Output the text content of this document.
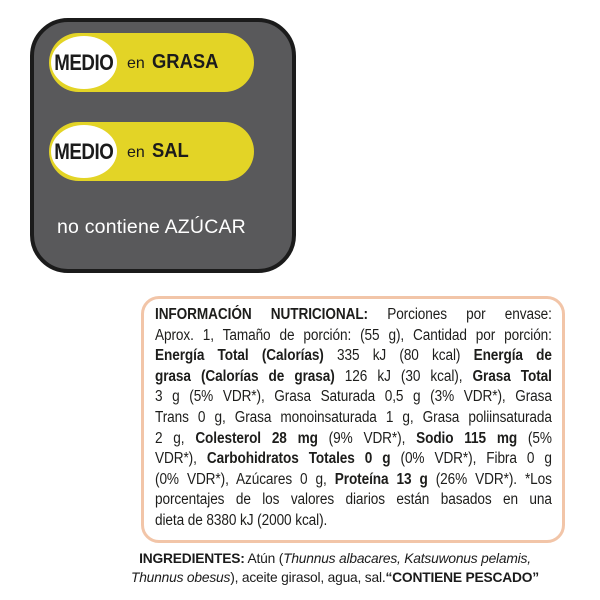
MEDIO en GRASA
MEDIO en SAL
no contiene AZÚCAR
INFORMACIÓN NUTRICIONAL: Porciones por envase:
Aprox. 1, Tamaño de porción: (55 g), Cantidad por porción:
Energía Total (Calorías) 335 kJ (80 kcal) Energía de
grasa (Calorías de grasa) 126 kJ (30 kcal), Grasa Total
3 g (5% VDR*), Grasa Saturada 0,5 g (3% VDR*), Grasa
Trans 0 g, Grasa monoinsaturada 1 g, Grasa poliinsaturada
2 g, Colesterol 28 mg (9% VDR*), Sodio 115 mg (5%
VDR*), Carbohidratos Totales 0 g (0% VDR*), Fibra 0 g
(0% VDR*), Azúcares 0 g, Proteína 13 g (26% VDR*). *Los
porcentajes de los valores diarios están basados en una
dieta de 8380 kJ (2000 kcal).
INGREDIENTES: Atún (Thunnus albacares, Katsuwonus pelamis,
Thunnus obesus), aceite girasol, agua, sal.“CONTIENE PESCADO”
